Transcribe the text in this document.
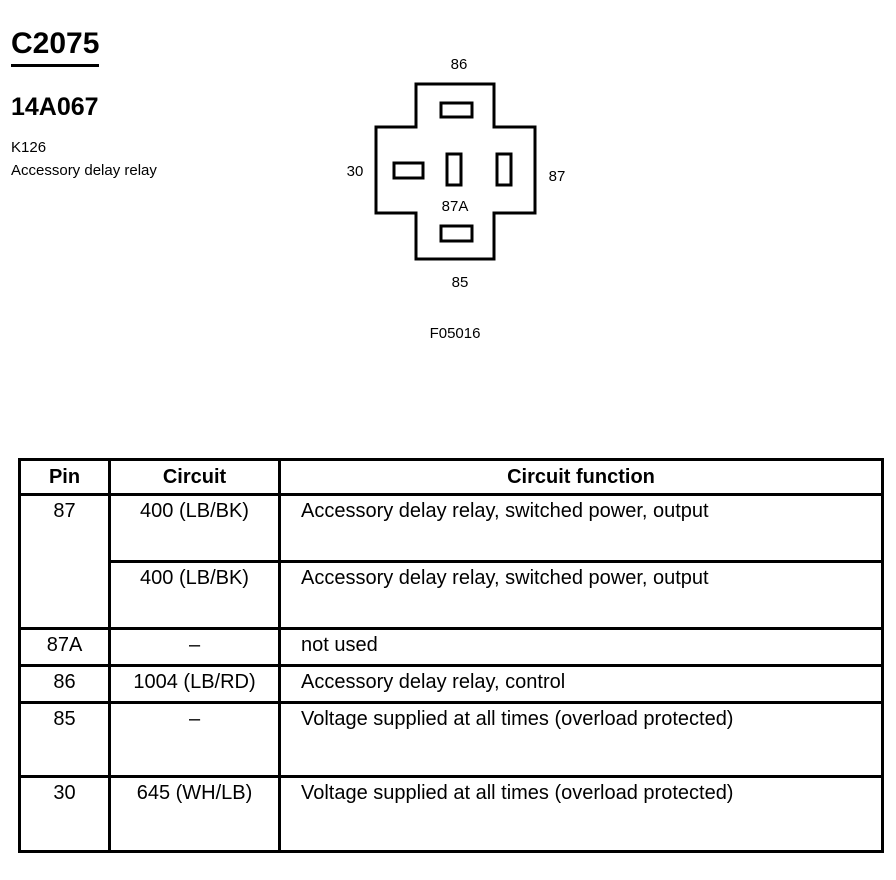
C2075
14A067
K126
Accessory delay relay
86
30	87
87A
85
F05016
Pin	Circuit	Circuit function
87	400 (LB/BK)	Accessory delay relay, switched power, output
	400 (LB/BK)	Accessory delay relay, switched power, output
87A	–	not used
86	1004 (LB/RD)	Accessory delay relay, control
85	–	Voltage supplied at all times (overload protected)
30	645 (WH/LB)	Voltage supplied at all times (overload protected)
